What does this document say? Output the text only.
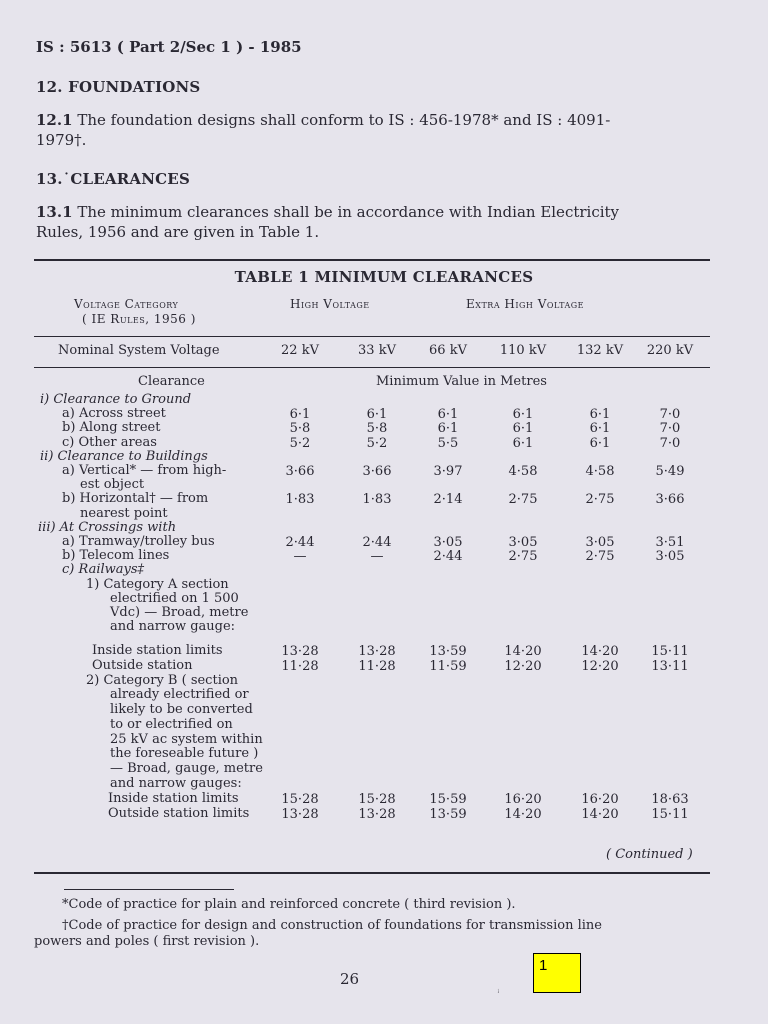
IS : 5613 ( Part 2/Sec 1 ) - 1985
12. FOUNDATIONS
12.1 The foundation designs shall conform to IS : 456-1978* and IS : 4091-
1979†.
13.˙CLEARANCES
13.1 The minimum clearances shall be in accordance with Indian Electricity
Rules, 1956 and are given in Table 1.
TABLE 1 MINIMUM CLEARANCES
Voltage Category
( IE Rules, 1956 )
High Voltage	Extra High Voltage
Nominal System Voltage	22 kV	33 kV	66 kV	110 kV	132 kV	220 kV
Clearance	Minimum Value in Metres
i) Clearance to Ground
a) Across street	6·1	6·1	6·1	6·1	6·1	7·0
b) Along street	5·8	5·8	6·1	6·1	6·1	7·0
c) Other areas	5·2	5·2	5·5	6·1	6·1	7·0
ii) Clearance to Buildings
a) Vertical* — from high-	3·66	3·66	3·97	4·58	4·58	5·49
est object
b) Horizontal† — from	1·83	1·83	2·14	2·75	2·75	3·66
nearest point
iii) At Crossings with
a) Tramway/trolley bus	2·44	2·44	3·05	3·05	3·05	3·51
b) Telecom lines	—	—	2·44	2·75	2·75	3·05
c) Railways‡
1) Category A section
electrified on 1 500
Vdc) — Broad, metre
and narrow gauge:
Inside station limits	13·28	13·28	13·59	14·20	14·20	15·11
Outside station	11·28	11·28	11·59	12·20	12·20	13·11
2) Category B ( section
already electrified or
likely to be converted
to or electrified on
25 kV ac system within
the foreseable future )
— Broad, gauge, metre
and narrow gauges:
Inside station limits	15·28	15·28	15·59	16·20	16·20	18·63
Outside station limits	13·28	13·28	13·59	14·20	14·20	15·11
( Continued )
*Code of practice for plain and reinforced concrete ( third revision ).
†Code of practice for design and construction of foundations for transmission line
powers and poles ( first revision ).
26
1
ꜟ
